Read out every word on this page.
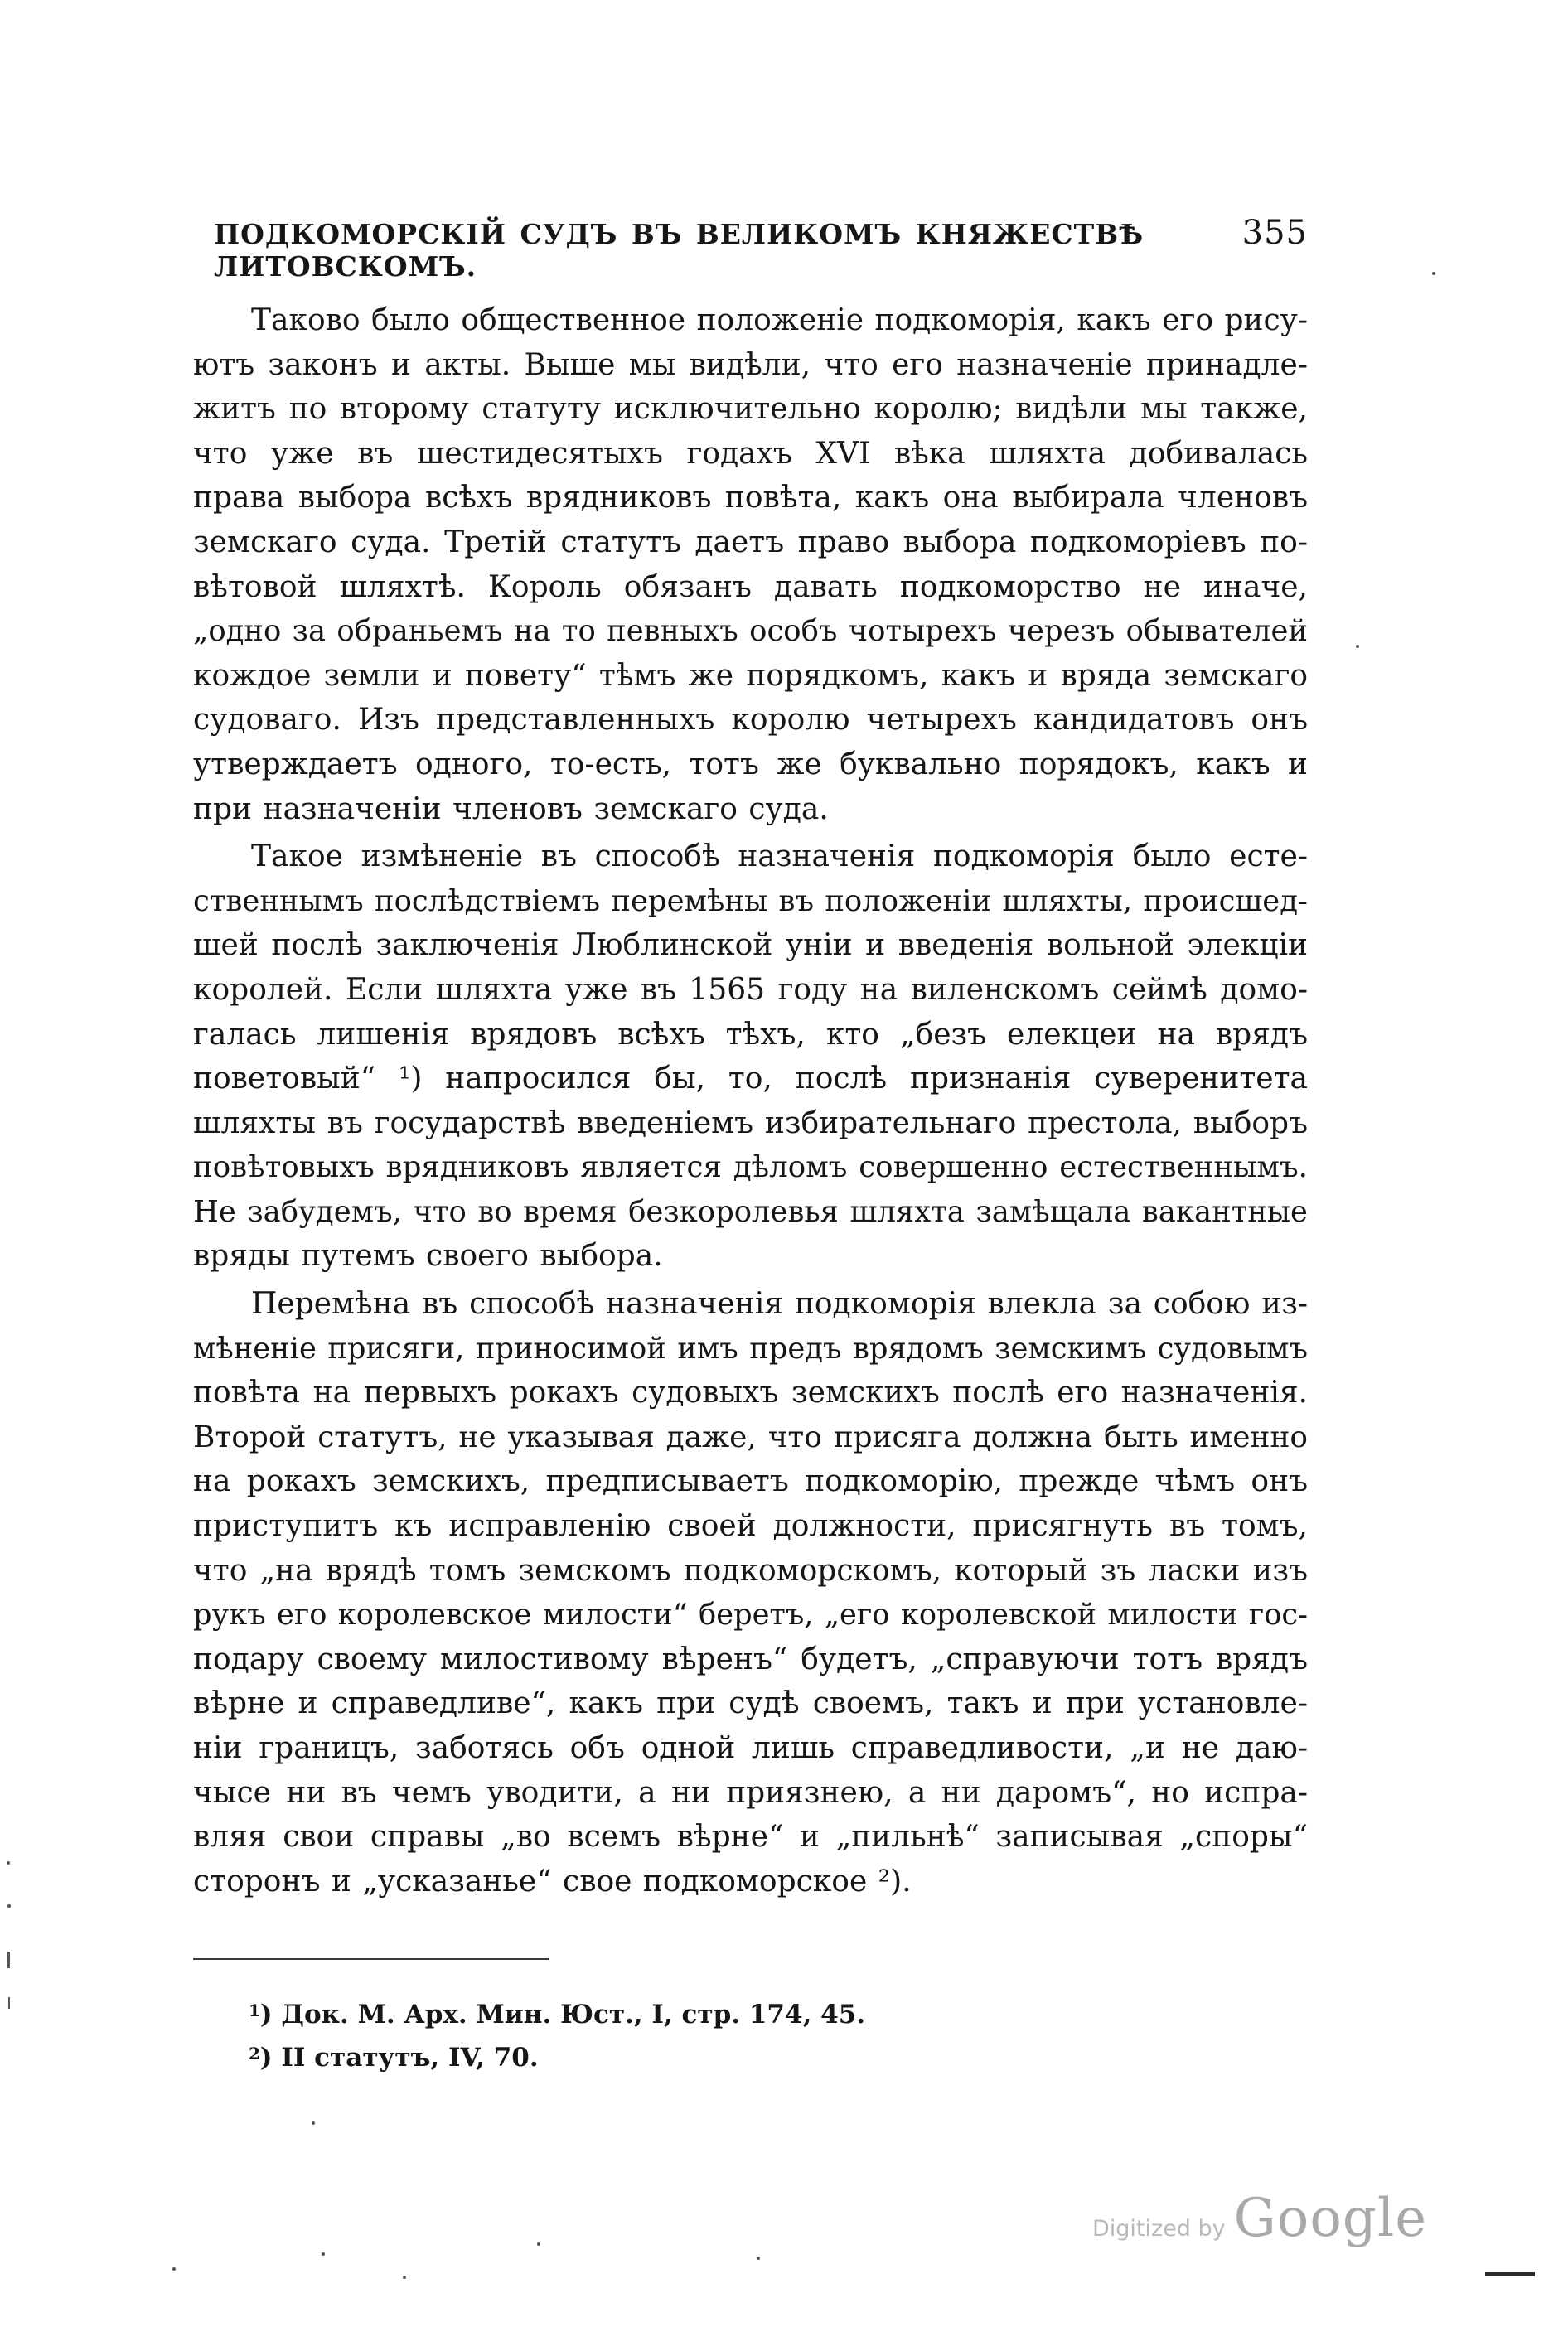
ПОДКОМОРСКІЙ СУДЪ ВЪ ВЕЛИКОМЪ КНЯЖЕСТВѢ ЛИТОВСКОМЪ.
355
Таково было общественное положеніе подкоморія, какъ его рису-
ютъ законъ и акты. Выше мы видѣли, что его назначеніе принадле-
житъ по второму статуту исключительно королю; видѣли мы также,
что уже въ шестидесятыхъ годахъ XVI вѣка шляхта добивалась
права выбора всѣхъ врядниковъ повѣта, какъ она выбирала членовъ
земскаго суда. Третій статутъ даетъ право выбора подкоморіевъ по-
вѣтовой шляхтѣ. Король обязанъ давать подкоморство не иначе,
„одно за обраньемъ на то певныхъ особъ чотырехъ черезъ обывателей
кождое земли и повету“ тѣмъ же порядкомъ, какъ и вряда земскаго
судоваго. Изъ представленныхъ королю четырехъ кандидатовъ онъ
утверждаетъ одного, то-есть, тотъ же буквально порядокъ, какъ и
при назначеніи членовъ земскаго суда.
Такое измѣненіе въ способѣ назначенія подкоморія было есте-
ственнымъ послѣдствіемъ перемѣны въ положеніи шляхты, происшед-
шей послѣ заключенія Люблинской уніи и введенія вольной элекціи
королей. Если шляхта уже въ 1565 году на виленскомъ сеймѣ домо-
галась лишенія врядовъ всѣхъ тѣхъ, кто „безъ елекцеи на врядъ
поветовый“ ¹) напросился бы, то, послѣ признанія суверенитета
шляхты въ государствѣ введеніемъ избирательнаго престола, выборъ
повѣтовыхъ врядниковъ является дѣломъ совершенно естественнымъ.
Не забудемъ, что во время безкоролевья шляхта замѣщала вакантные
вряды путемъ своего выбора.
Перемѣна въ способѣ назначенія подкоморія влекла за собою из-
мѣненіе присяги, приносимой имъ предъ врядомъ земскимъ судовымъ
повѣта на первыхъ рокахъ судовыхъ земскихъ послѣ его назначенія.
Второй статутъ, не указывая даже, что присяга должна быть именно
на рокахъ земскихъ, предписываетъ подкоморію, прежде чѣмъ онъ
приступитъ къ исправленію своей должности, присягнуть въ томъ,
что „на врядѣ томъ земскомъ подкоморскомъ, который зъ ласки изъ
рукъ его королевское милости“ беретъ, „его королевской милости гос-
подару своему милостивому вѣренъ“ будетъ, „справуючи тотъ врядъ
вѣрне и справедливе“, какъ при судѣ своемъ, такъ и при установле-
ніи границъ, заботясь объ одной лишь справедливости, „и не даю-
чысе ни въ чемъ уводити, а ни приязнею, а ни даромъ“, но испра-
вляя свои справы „во всемъ вѣрне“ и „пильнѣ“ записывая „споры“
сторонъ и „усказанье“ свое подкоморское ²).
$^1$) Док. М. Арх. Мин. Юст., I, стр. 174, 45.
$^2$) II статутъ, IV, 70.
Digitized by Google
